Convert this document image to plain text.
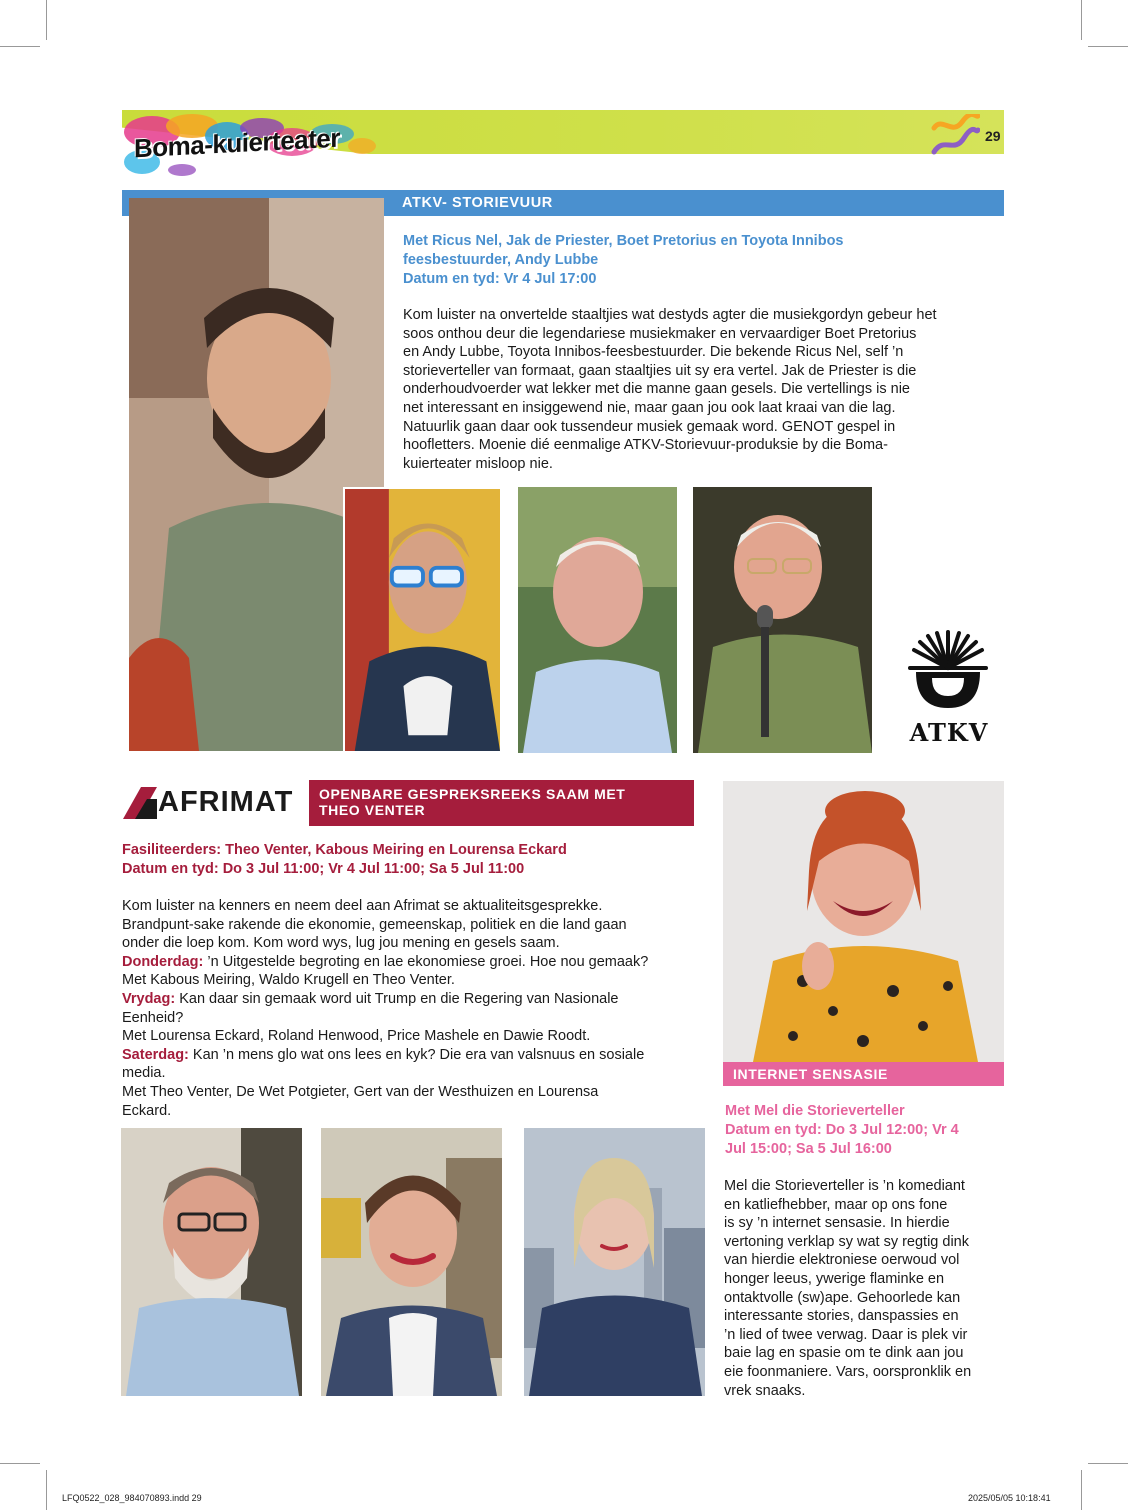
Boma-kuierteater	29
ATKV- STORIEVUUR
Met Ricus Nel, Jak de Priester, Boet Pretorius en Toyota Innibos
feesbestuurder, Andy Lubbe
Datum en tyd: Vr 4 Jul 17:00
Kom luister na onvertelde staaltjies wat destyds agter die musiekgordyn gebeur het
soos onthou deur die legendariese musiekmaker en vervaardiger Boet Pretorius
en Andy Lubbe, Toyota Innibos-feesbestuurder. Die bekende Ricus Nel, self ’n
storieverteller van formaat, gaan staaltjies uit sy era vertel. Jak de Priester is die
onderhoudvoerder wat lekker met die manne gaan gesels. Die vertellings is nie
net interessant en insiggewend nie, maar gaan jou ook laat kraai van die lag.
Natuurlik gaan daar ook tussendeur musiek gemaak word. GENOT gespel in
hoofletters. Moenie dié eenmalige ATKV-Storievuur-produksie by die Boma-
kuierteater misloop nie.
ATKV
AFRIMAT OPENBARE GESPREKSREEKS SAAM MET
THEO VENTER
Fasiliteerders: Theo Venter, Kabous Meiring en Lourensa Eckard
Datum en tyd: Do 3 Jul 11:00; Vr 4 Jul 11:00; Sa 5 Jul 11:00
Kom luister na kenners en neem deel aan Afrimat se aktualiteitsgesprekke.
Brandpunt-sake rakende die ekonomie, gemeenskap, politiek en die land gaan
onder die loep kom. Kom word wys, lug jou mening en gesels saam.
Donderdag: ’n Uitgestelde begroting en lae ekonomiese groei. Hoe nou gemaak?
Met Kabous Meiring, Waldo Krugell en Theo Venter.
Vrydag: Kan daar sin gemaak word uit Trump en die Regering van Nasionale
Eenheid?
Met Lourensa Eckard, Roland Henwood, Price Mashele en Dawie Roodt.
Saterdag: Kan ’n mens glo wat ons lees en kyk? Die era van valsnuus en sosiale
media.
Met Theo Venter, De Wet Potgieter, Gert van der Westhuizen en Lourensa
Eckard.
INTERNET SENSASIE
Met Mel die Storieverteller
Datum en tyd: Do 3 Jul 12:00; Vr 4
Jul 15:00; Sa 5 Jul 16:00
Mel die Storieverteller is ’n komediant
en katliefhebber, maar op ons fone
is sy ’n internet sensasie. In hierdie
vertoning verklap sy wat sy regtig dink
van hierdie elektroniese oerwoud vol
honger leeus, ywerige flaminke en
ontaktvolle (sw)ape. Gehoorlede kan
interessante stories, danspassies en
’n lied of twee verwag. Daar is plek vir
baie lag en spasie om te dink aan jou
eie foonmaniere. Vars, oorspronklik en
vrek snaaks.
LFQ0522_028_984070893.indd 29	2025/05/05 10:18:41
